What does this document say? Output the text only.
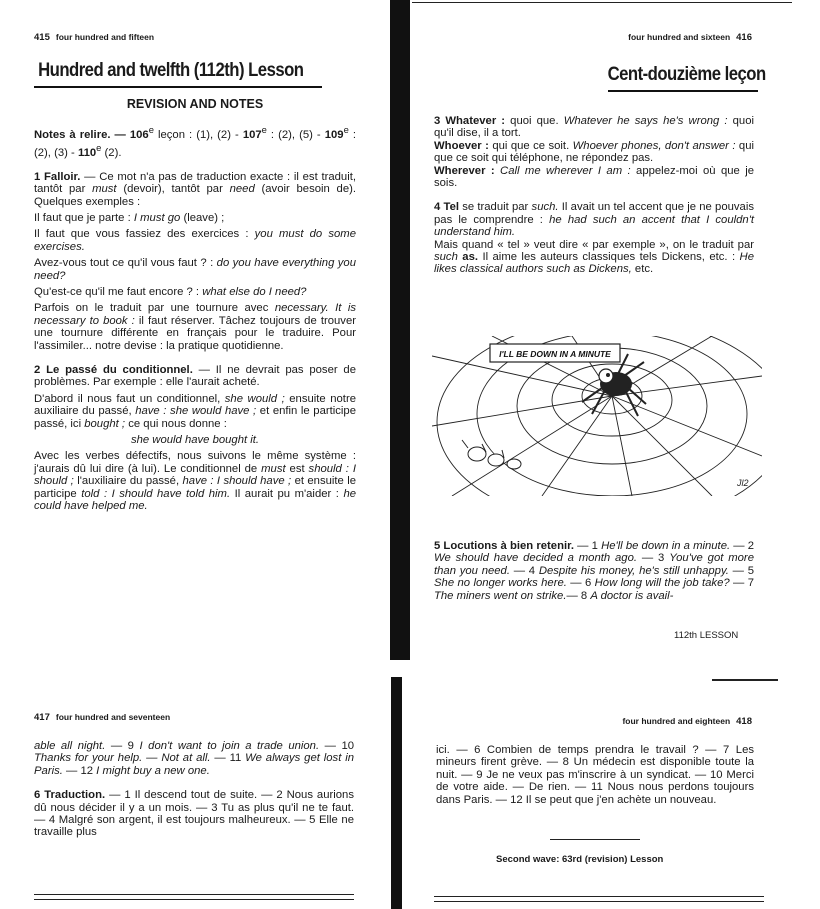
415 four hundred and fifteen
Hundred and twelfth (112th) Lesson

REVISION AND NOTES

Notes à relire. — 106e leçon : (1), (2) - 107e : (2), (5) - 109e : (2), (3) - 110e (2).

1 Falloir. — Ce mot n'a pas de traduction exacte : il est traduit, tantôt par must (devoir), tantôt par need (avoir besoin de). Quelques exemples :

Il faut que je parte : I must go (leave) ;

Il faut que vous fassiez des exercices : you must do some exercises.

Avez-vous tout ce qu'il vous faut ? : do you have everything you need?

Qu'est-ce qu'il me faut encore ? : what else do I need?

Parfois on le traduit par une tournure avec necessary. It is necessary to book : il faut réserver. Tâchez toujours de trouver une tournure différente en français pour le traduire. Pour l'assimiler... notre devise : la pratique quotidienne.

2 Le passé du conditionnel. — Il ne devrait pas poser de problèmes. Par exemple : elle l'aurait acheté.

D'abord il nous faut un conditionnel, she would ; ensuite notre auxiliaire du passé, have : she would have ; et enfin le participe passé, ici bought ; ce qui nous donne :

she would have bought it.

Avec les verbes défectifs, nous suivons le même système : j'aurais dû lui dire (à lui). Le conditionnel de must est should : I should ; l'auxiliaire du passé, have : I should have ; et ensuite le participe told : I should have told him. Il aurait pu m'aider : he could have helped me.

four hundred and sixteen 416
Cent-douzième leçon

3 Whatever : quoi que. Whatever he says he's wrong : quoi qu'il dise, il a tort.

Whoever : qui que ce soit. Whoever phones, don't answer : qui que ce soit qui téléphone, ne répondez pas.

Wherever : Call me wherever I am : appelez-moi où que je sois.

4 Tel se traduit par such. Il avait un tel accent que je ne pouvais pas le comprendre : he had such an accent that I couldn't understand him.

Mais quand « tel » veut dire « par exemple », on le traduit par such as. Il aime les auteurs classiques tels Dickens, etc. : He likes classical authors such as Dickens, etc.

5 Locutions à bien retenir. — 1 He'll be down in a minute. — 2 We should have decided a month ago. — 3 You've got more than you need. — 4 Despite his money, he's still unhappy. — 5 She no longer works here. — 6 How long will the job take? — 7 The miners went on strike.— 8 A doctor is avail-

112th LESSON
I'LL BE DOWN IN A MINUTE
Jl2
417 four hundred and seventeen

able all night. — 9 I don't want to join a trade union. — 10 Thanks for your help. — Not at all. — 11 We always get lost in Paris. — 12 I might buy a new one.

6 Traduction. — 1 Il descend tout de suite. — 2 Nous aurions dû nous décider il y a un mois. — 3 Tu as plus qu'il ne te faut. — 4 Malgré son argent, il est toujours malheureux. — 5 Elle ne travaille plus

four hundred and eighteen 418

ici. — 6 Combien de temps prendra le travail ? — 7 Les mineurs firent grève. — 8 Un médecin est disponible toute la nuit. — 9 Je ne veux pas m'inscrire à un syndicat. — 10 Merci de votre aide. — De rien. — 11 Nous nous perdons toujours dans Paris. — 12 Il se peut que j'en achète un nouveau.

Second wave: 63rd (revision) Lesson
